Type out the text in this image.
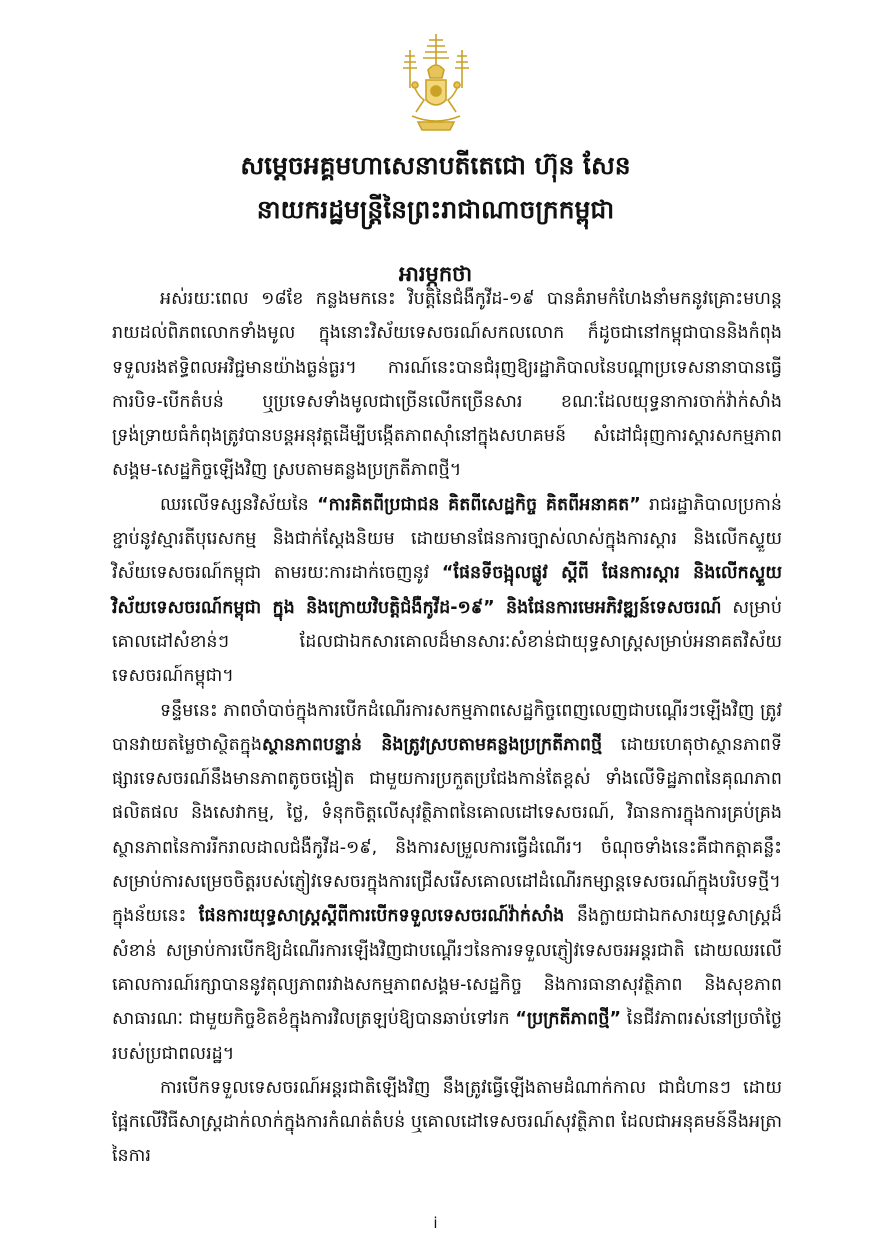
សម្ដេចអគ្គមហាសេនាបតីតេជោ ហ៊ុន សែន
នាយករដ្ឋមន្ត្រីនៃព្រះរាជាណាចក្រកម្ពុជា
អារម្ភកថា

អស់រយៈពេល ១៨ខែ កន្លងមកនេះ វិបត្តិនៃជំងឺកូវីដ-១៩ បានគំរាមកំហែងនាំមកនូវគ្រោះមហន្តរាយដល់ពិភពលោកទាំងមូល ក្នុងនោះវិស័យទេសចរណ៍សកលលោក ក៏ដូចជានៅកម្ពុជាបាននិងកំពុងទទួលរងឥទ្ធិពលអវិជ្ជមានយ៉ាងធ្ងន់ធ្ងរ។ ការណ៍នេះបានជំរុញឱ្យរដ្ឋាភិបាលនៃបណ្ដាប្រទេសនានាបានធ្វើការបិទ-បើកតំបន់ ឬប្រទេសទាំងមូលជាច្រើនលើកច្រើនសារ ខណៈដែលយុទ្ធនាការចាក់វ៉ាក់សាំងទ្រង់ទ្រាយធំកំពុងត្រូវបានបន្តអនុវត្តដើម្បីបង្កើតភាពស៊ាំនៅក្នុងសហគមន៍ សំដៅជំរុញការស្ដារសកម្មភាពសង្គម-សេដ្ឋកិច្ចឡើងវិញ ស្របតាមគន្លងប្រក្រតីភាពថ្មី។

ឈរលើទស្សនវិស័យនៃ “ការគិតពីប្រជាជន គិតពីសេដ្ឋកិច្ច គិតពីអនាគត” រាជរដ្ឋាភិបាលប្រកាន់ខ្ជាប់នូវស្មារតីបុរេសកម្ម និងជាក់ស្ដែងនិយម ដោយមានផែនការច្បាស់លាស់ក្នុងការស្ដារ និងលើកស្ទួយវិស័យទេសចរណ៍កម្ពុជា តាមរយៈការដាក់ចេញនូវ “ផែនទីចង្អុលផ្លូវ ស្ដីពី ផែនការស្ដារ និងលើកស្ទួយវិស័យទេសចរណ៍កម្ពុជា ក្នុង និងក្រោយវិបត្តិជំងឺកូវីដ-១៩” និងផែនការមេអភិវឌ្ឍន៍ទេសចរណ៍ សម្រាប់គោលដៅសំខាន់ៗ ដែលជាឯកសារគោលដ៏មានសារៈសំខាន់ជាយុទ្ធសាស្ត្រសម្រាប់អនាគតវិស័យទេសចរណ៍កម្ពុជា។

ទន្ទឹមនេះ ភាពចាំបាច់ក្នុងការបើកដំណើរការសកម្មភាពសេដ្ឋកិច្ចពេញលេញជាបណ្ដើរៗឡើងវិញ ត្រូវបានវាយតម្លៃថាស្ថិតក្នុងស្ថានភាពបន្ទាន់ និងត្រូវស្របតាមគន្លងប្រក្រតីភាពថ្មី ដោយហេតុថាស្ថានភាពទីផ្សារទេសចរណ៍នឹងមានភាពតូចចង្អៀត ជាមួយការប្រកួតប្រជែងកាន់តែខ្ពស់ ទាំងលើទិដ្ឋភាពនៃគុណភាពផលិតផល និងសេវាកម្ម, ថ្លៃ, ទំនុកចិត្តលើសុវត្ថិភាពនៃគោលដៅទេសចរណ៍, វិធានការក្នុងការគ្រប់គ្រងស្ថានភាពនៃការរីករាលដាលជំងឺកូវីដ-១៩, និងការសម្រួលការធ្វើដំណើរ។ ចំណុចទាំងនេះគឺជាកត្តាគន្លឹះសម្រាប់ការសម្រេចចិត្តរបស់ភ្ញៀវទេសចរក្នុងការជ្រើសរើសគោលដៅដំណើរកម្សាន្តទេសចរណ៍ក្នុងបរិបទថ្មី។ ក្នុងន័យនេះ ផែនការយុទ្ធសាស្ត្រស្ដីពីការបើកទទួលទេសចរណ៍វ៉ាក់សាំង នឹងក្លាយជាឯកសារយុទ្ធសាស្ត្រដ៏សំខាន់ សម្រាប់ការបើកឱ្យដំណើរការឡើងវិញជាបណ្ដើរៗនៃការទទួលភ្ញៀវទេសចរអន្តរជាតិ ដោយឈរលើគោលការណ៍រក្សាបាននូវតុល្យភាពរវាងសកម្មភាពសង្គម-សេដ្ឋកិច្ច និងការធានាសុវត្ថិភាព និងសុខភាពសាធារណៈ ជាមួយកិច្ចខិតខំក្នុងការវិលត្រឡប់ឱ្យបានឆាប់ទៅរក “ប្រក្រតីភាពថ្មី” នៃជីវភាពរស់នៅប្រចាំថ្ងៃរបស់ប្រជាពលរដ្ឋ។

ការបើកទទួលទេសចរណ៍អន្តរជាតិឡើងវិញ នឹងត្រូវធ្វើឡើងតាមដំណាក់កាល ជាជំហានៗ ដោយផ្អែកលើវិធីសាស្ត្រដាក់លាក់ក្នុងការកំណត់តំបន់ ឬគោលដៅទេសចរណ៍សុវត្ថិភាព ដែលជាអនុគមន៍នឹងអត្រានៃការ

i
